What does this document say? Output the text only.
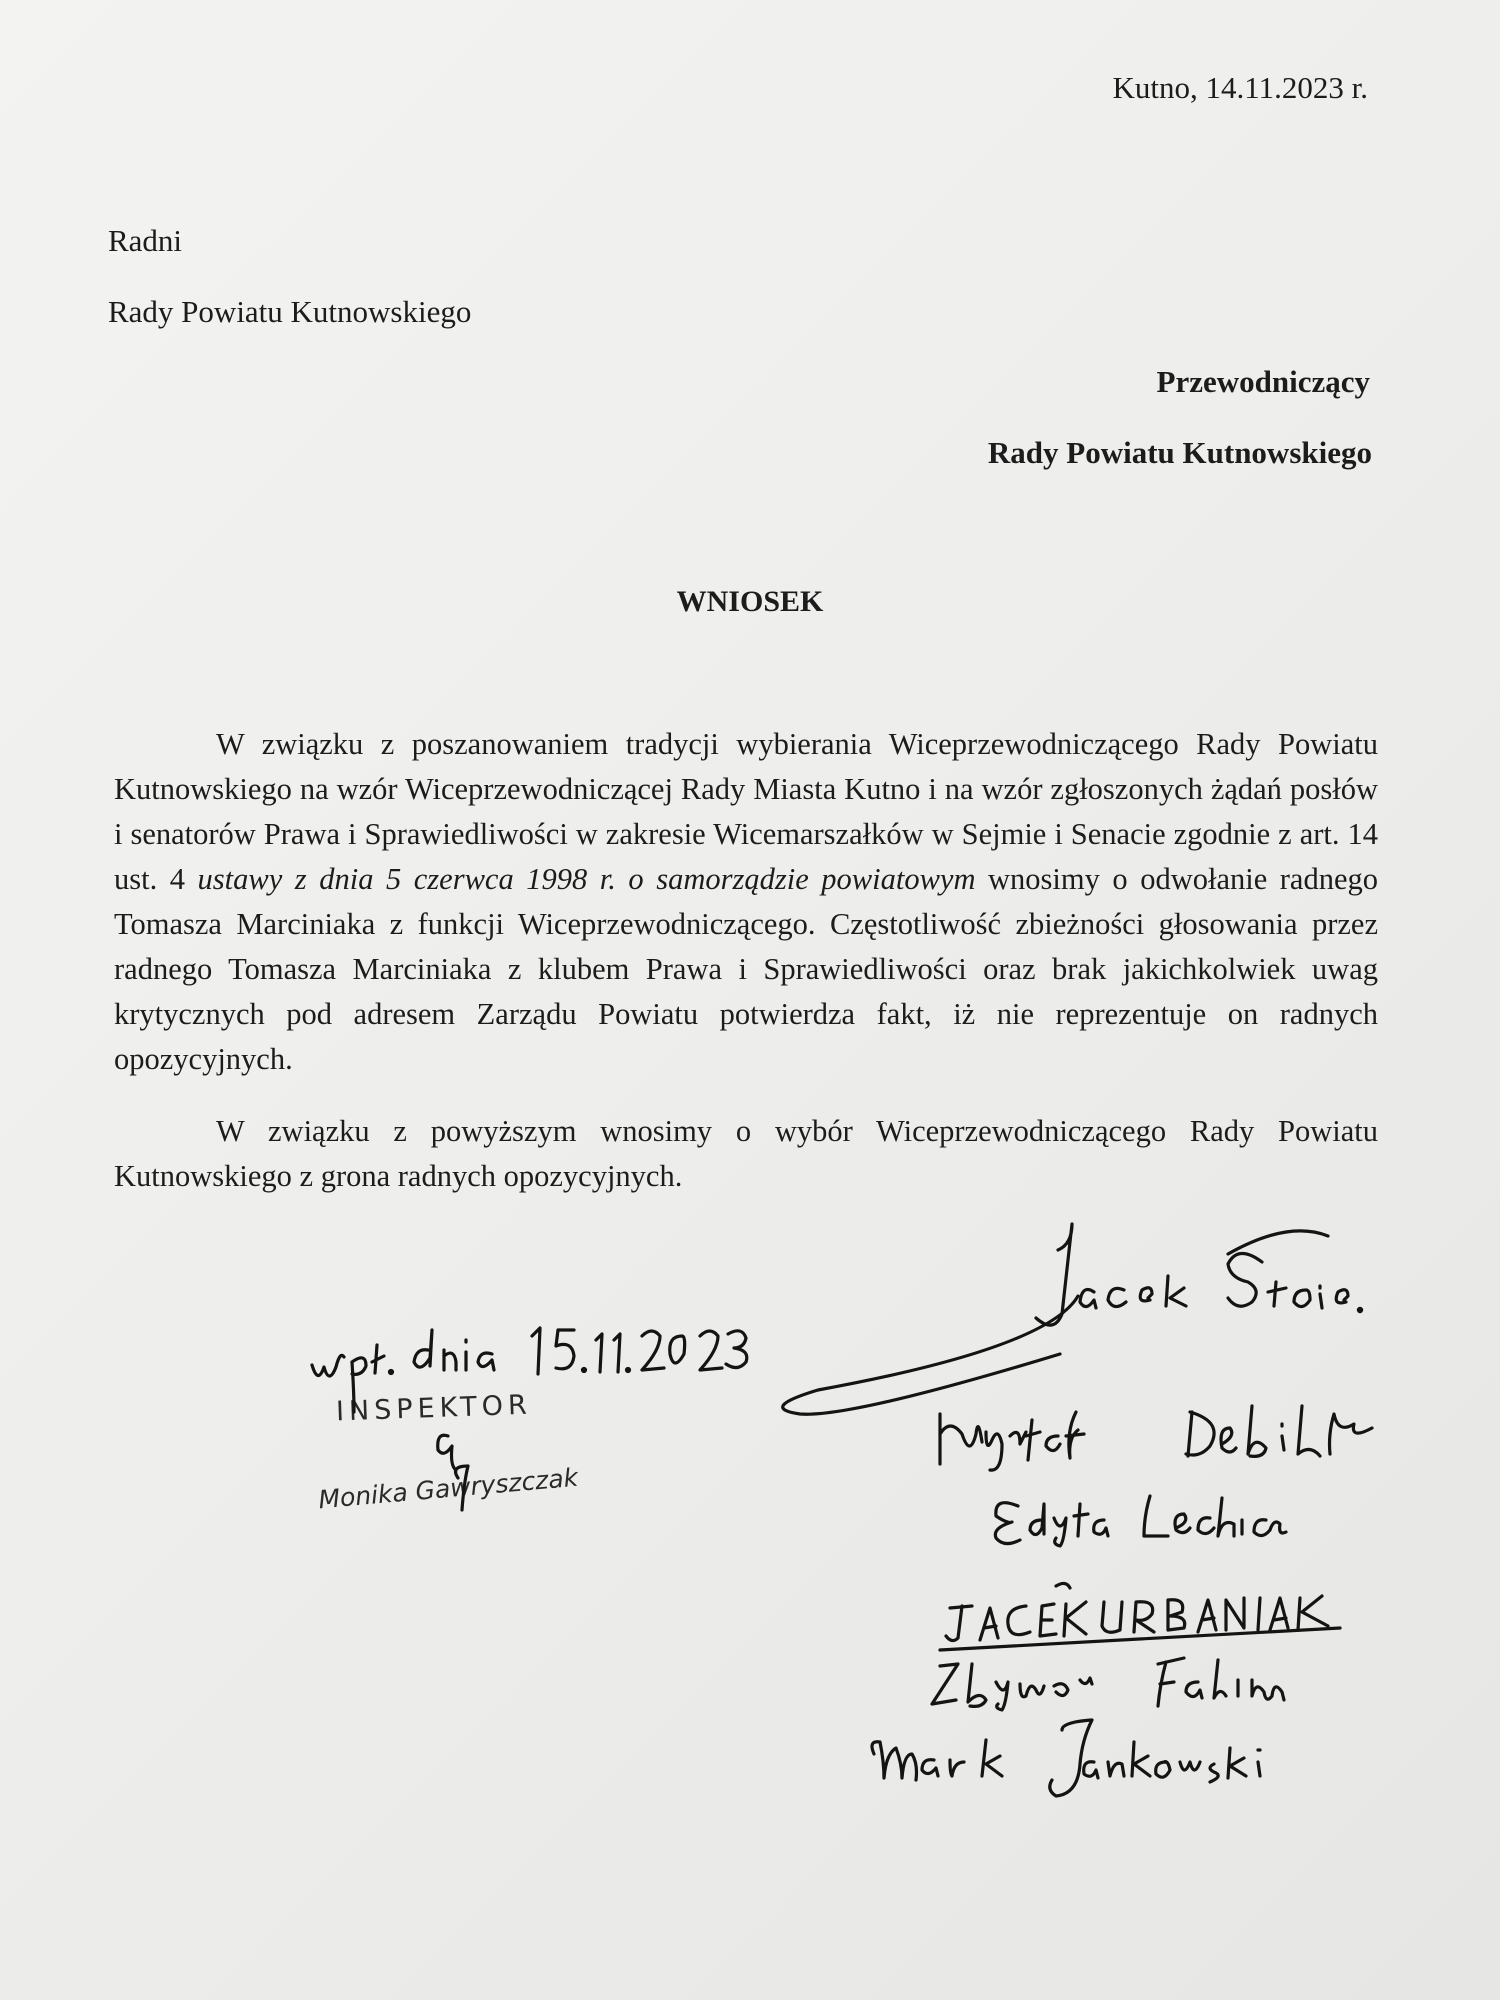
Kutno, 14.11.2023 r.
Radni
Rady Powiatu Kutnowskiego
Przewodniczący
Rady Powiatu Kutnowskiego
WNIOSEK
W związku z poszanowaniem tradycji wybierania Wiceprzewodniczącego Rady Powiatu Kutnowskiego na wzór Wiceprzewodniczącej Rady Miasta Kutno i na wzór zgłoszonych żądań posłów i senatorów Prawa i Sprawiedliwości w zakresie Wicemarszałków w Sejmie i Senacie zgodnie z art. 14 ust. 4 ustawy z dnia 5 czerwca 1998 r. o samorządzie powiatowym wnosimy o odwołanie radnego Tomasza Marciniaka z funkcji Wiceprzewodniczącego. Częstotliwość zbieżności głosowania przez radnego Tomasza Marciniaka z klubem Prawa i Sprawiedliwości oraz brak jakichkolwiek uwag krytycznych pod adresem Zarządu Powiatu potwierdza fakt, iż nie reprezentuje on radnych opozycyjnych.
W związku z powyższym wnosimy o wybór Wiceprzewodniczącego Rady Powiatu Kutnowskiego z grona radnych opozycyjnych.
INSPEKTOR
Monika Gawryszczak
